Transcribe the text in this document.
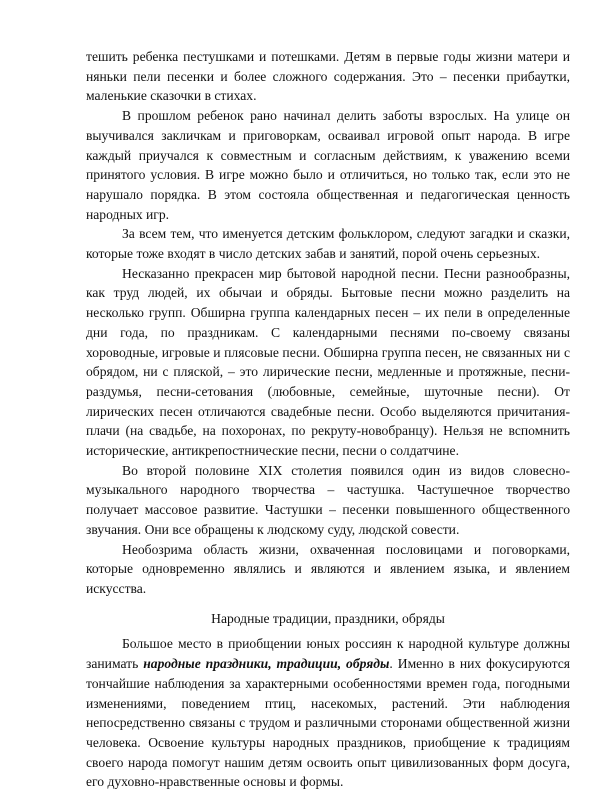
тешить ребенка пестушками и потешками. Детям в первые годы жизни матери и няньки пели песенки и более сложного содержания. Это – песенки прибаутки, маленькие сказочки в стихах.

В прошлом ребенок рано начинал делить заботы взрослых. На улице он выучивался закличкам и приговоркам, осваивал игровой опыт народа. В игре каждый приучался к совместным и согласным действиям, к уважению всеми принятого условия. В игре можно было и отличиться, но только так, если это не нарушало порядка. В этом состояла общественная и педагогическая ценность народных игр.

За всем тем, что именуется детским фольклором, следуют загадки и сказки, которые тоже входят в число детских забав и занятий, порой очень серьезных.

Несказанно прекрасен мир бытовой народной песни. Песни разнообразны, как труд людей, их обычаи и обряды. Бытовые песни можно разделить на несколько групп. Обширна группа календарных песен – их пели в определенные дни года, по праздникам. С календарными песнями по-своему связаны хороводные, игровые и плясовые песни. Обширна группа песен, не связанных ни с обрядом, ни с пляской, – это лирические песни, медленные и протяжные, песни-раздумья, песни-сетования (любовные, семейные, шуточные песни). От лирических песен отличаются свадебные песни. Особо выделяются причитания-плачи (на свадьбе, на похоронах, по рекруту-новобранцу). Нельзя не вспомнить исторические, антикрепостнические песни, песни о солдатчине.

Во второй половине XIX столетия появился один из видов словесно-музыкального народного творчества – частушка. Частушечное творчество получает массовое развитие. Частушки – песенки повышенного общественного звучания. Они все обращены к людскому суду, людской совести.

Необозрима область жизни, охваченная пословицами и поговорками, которые одновременно являлись и являются и явлением языка, и явлением искусства.

Народные традиции, праздники, обряды

Большое место в приобщении юных россиян к народной культуре должны занимать народные праздники, традиции, обряды. Именно в них фокусируются тончайшие наблюдения за характерными особенностями времен года, погодными изменениями, поведением птиц, насекомых, растений. Эти наблюдения непосредственно связаны с трудом и различными сторонами общественной жизни человека. Освоение культуры народных праздников, приобщение к традициям своего народа помогут нашим детям освоить опыт цивилизованных форм досуга, его духовно-нравственные основы и формы.
